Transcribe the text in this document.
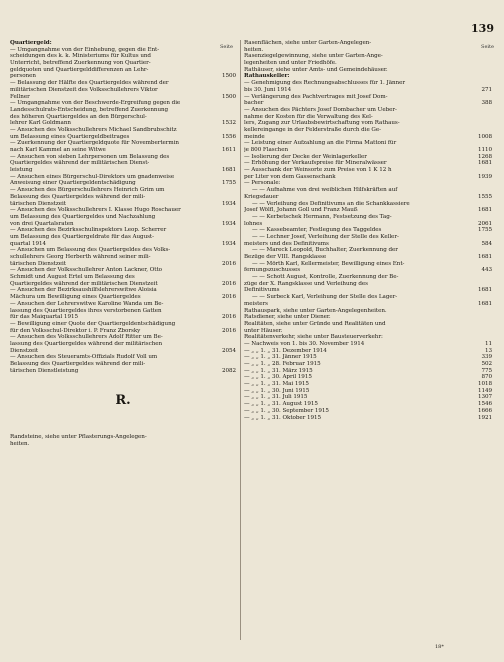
139
Seite	Seite
Quartiergeld:
— Umgangnahme von der Einhebung, gegen die Ent-
scheidungen des k. k. Ministeriums für Kultus und
Unterricht, betreffend Zuerkennung von Quartier-
geldquoten und Quartiergelddifferenzen an Lehr-
personen	1500
— Belassung der Hälfte des Quartiergeldes während der
militärischen Dienstzeit des Volksschullehrers Viktor
Fellner	1500
— Umgangnahme von der Beschwerde-Ergreifung gegen die
Landesschulrats-Entscheidung, betreffend Zuerkennung
des höheren Quartiergeldes an den Bürgerschul-
lehrer Karl Goldmann	1532
— Ansuchen des Volksschullehrers Michael Sandbrubschitz
um Belassung eines Quartiergeldbeitrages	1556
— Zuerkennung der Quartiergeldquote für Novembertermin
nach Karl Kammel an seine Witwe	1611
— Ansuchen von sieben Lehrpersonen um Belassung des
Quartiergeldes während der militärischen Dienst-
leistung	1681
— Ansuchen eines Bürgerschul-Direktors um gnadenweise
Anweisung einer Quartiergeldentschädigung	1755
— Ansuchen des Bürgerschullehrers Heinrich Grim um
Belassung des Quartiergeldes während der mili-
tärischen Dienstzeit	1934
— Ansuchen des Volksschullehrers I. Klasse Hugo Roschauer
um Belassung des Quartiergeldes und Nachzahlung
von drei Quartalsraten	1934
— Ansuchen des Bezirksschulinspektors Leop. Scherrer
um Belassung des Quartiergeldrate für das August-
quartal 1914	1934
— Ansuchen um Belassung des Quartiergeldes des Volks-
schullehrers Georg Herberth während seiner mili-
tärischen Dienstzeit	2016
— Ansuchen der Volksschullehrer Anton Lackner, Otto
Schmidt und August Ertel um Belassung des
Quartiergeldes während der militärischen Dienstzeit	2016
— Ansuchen der Bezirksaushilfslehrerswitwe Aloisia
Mächura um Bewilligung eines Quartiergeldes	2016
— Ansuchen der Lehrerswitwe Karoline Wanda um Be-
lassung des Quartiergeldes ihres verstorbenen Gatten
für das Maiquartal 1915	2016
— Bewilligung einer Quote der Quartiergeldentschädigung
für den Volksschul-Direktor i. P. Franz Zborsky	2016
— Ansuchen des Volksschullehrers Adolf Ritter um Be-
lassung des Quartiergeldes während der militärischen
Dienstzeit	2054
— Ansuchen des Steueramts-Offizials Rudolf Voll um
Belassung des Quartiergeldes während der mili-
tärischen Dienstleistung	2082
R.
Randsteine, siehe unter Pflasterungs-Angelegen-
heiten.
Rasenflächen, siehe unter Garten-Angelegen-
heiten.
Rasenziegelgewinnung, siehe unter Garten-Ange-
legenheiten und unter Friedhöfe.
Rathäuser, siehe unter Amts- und Gemeindehäuser.
Rathauskeller:
— Genehmigung des Rechnungsabschlusses für 1. Jänner
bis 30. Juni 1914	271
— Verlängerung des Pachtvertrages mit Josef Dom-
bacher	388
— Ansuchen des Pächters Josef Dombacher um Ueber-
nahme der Kosten für die Verwaltung des Kel-
lers, Zugang zur Urlaubsbewirtschaftung vom Rathaus-
kellereingange in der Felderstraße durch die Ge-
meinde	1008
— Leistung einer Aufzahlung an die Firma Mattoni für
je 800 Flaschen	1110
— Isolierung der Decke der Weinlagerkeller	1268
— Erhöhung der Verkaufspreise für Mineralwässer	1681
— Ausschank der Weinsorte zum Preise von 1 K 12 h
per Liter von dem Gassenschank	1939
— Personale:
— — Aufnahme von drei weiblichen Hilfskräften auf
Kriegsdauer	1555
— — Verleihung des Definitivums an die Schankkassiere
Josef Wölfl, Johann Goll und Franz Mauß	1681
— — Kerbetschek Hermann, Festsetzung des Tag-
lohnes	2061
— — Kassebeamter, Festlegung des Taggeldes	1755
— — Lechner Josef, Verleihung der Stelle des Keller-
meisters und des Definitivums	584
— — Mareck Leopold, Buchhalter, Zuerkennung der
Bezüge der VIII. Rangsklasse	1681
— — Mörth Karl, Kellermeister, Bewilligung eines Ent-
fernungszuschusses	443
— — Schott August, Kontrolle, Zuerkennung der Be-
züge der X. Rangsklasse und Verleihung des
Definitivums	1681
— — Surbeck Karl, Verleihung der Stelle des Lager-
meisters	1681
Rathauspark, siehe unter Garten-Angelegenheiten.
Ratsdiener, siehe unter Diener.
Realitäten, siehe unter Gründe und Realitäten und
unter Häuser.
Realitätenverkehr, siehe unter Bausteuerverkehr:
— Nachweis von 1. bis 30. November 1914	11
— „ „ 1. „ 31. Dezember 1914	13
— „ „ 1. „ 31. Jänner 1915	339
— „ „ 1. „ 28. Februar 1915	502
— „ „ 1. „ 31. März 1915	775
— „ „ 1. „ 30. April 1915	870
— „ „ 1. „ 31. Mai 1915	1018
— „ „ 1. „ 30. Juni 1915	1149
— „ „ 1. „ 31. Juli 1915	1307
— „ „ 1. „ 31. August 1915	1546
— „ „ 1. „ 30. September 1915	1666
— „ „ 1. „ 31. Oktober 1915	1921
18*
